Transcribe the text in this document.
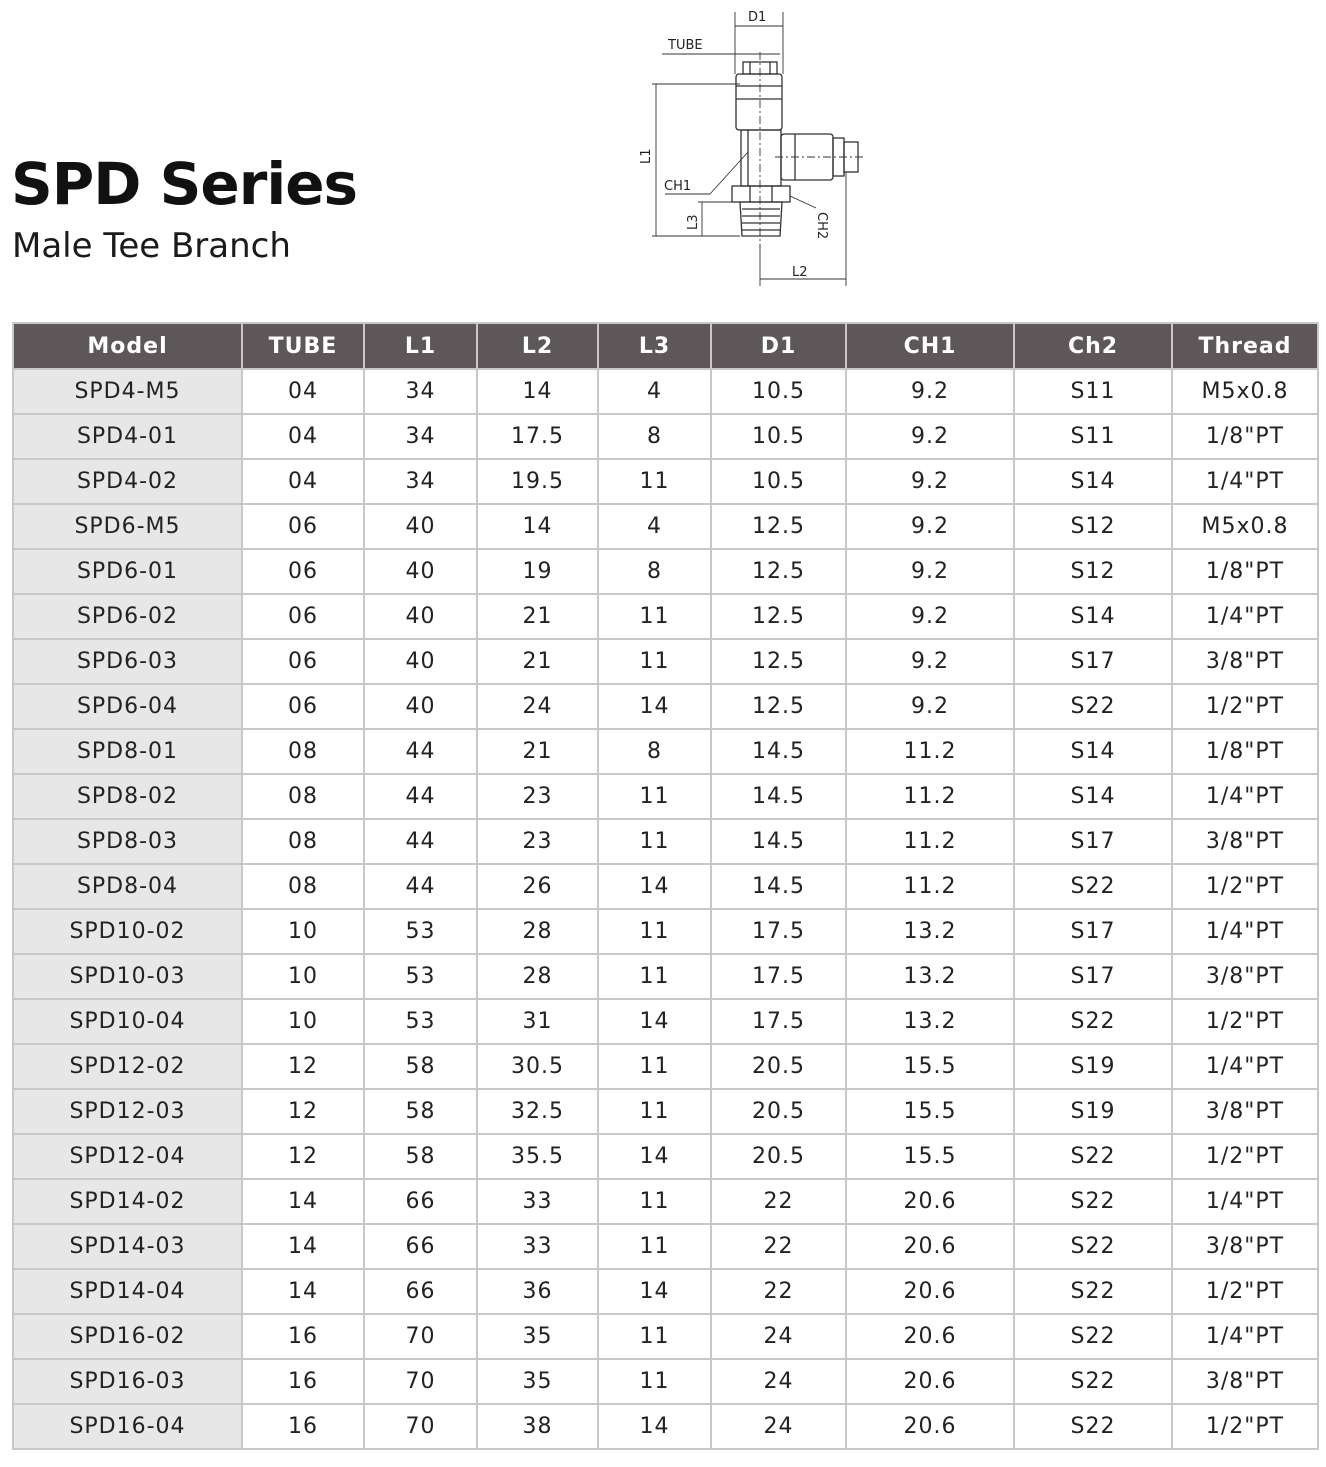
SPD Series
Male Tee Branch
D1
TUBE
L1
CH1
L3	CH2
L2
Model	TUBE	L1	L2	L3	D1	CH1	Ch2	Thread
SPD4-M5	04	34	14	4	10.5	9.2	S11	M5x0.8
SPD4-01	04	34	17.5	8	10.5	9.2	S11	1/8"PT
SPD4-02	04	34	19.5	11	10.5	9.2	S14	1/4"PT
SPD6-M5	06	40	14	4	12.5	9.2	S12	M5x0.8
SPD6-01	06	40	19	8	12.5	9.2	S12	1/8"PT
SPD6-02	06	40	21	11	12.5	9.2	S14	1/4"PT
SPD6-03	06	40	21	11	12.5	9.2	S17	3/8"PT
SPD6-04	06	40	24	14	12.5	9.2	S22	1/2"PT
SPD8-01	08	44	21	8	14.5	11.2	S14	1/8"PT
SPD8-02	08	44	23	11	14.5	11.2	S14	1/4"PT
SPD8-03	08	44	23	11	14.5	11.2	S17	3/8"PT
SPD8-04	08	44	26	14	14.5	11.2	S22	1/2"PT
SPD10-02	10	53	28	11	17.5	13.2	S17	1/4"PT
SPD10-03	10	53	28	11	17.5	13.2	S17	3/8"PT
SPD10-04	10	53	31	14	17.5	13.2	S22	1/2"PT
SPD12-02	12	58	30.5	11	20.5	15.5	S19	1/4"PT
SPD12-03	12	58	32.5	11	20.5	15.5	S19	3/8"PT
SPD12-04	12	58	35.5	14	20.5	15.5	S22	1/2"PT
SPD14-02	14	66	33	11	22	20.6	S22	1/4"PT
SPD14-03	14	66	33	11	22	20.6	S22	3/8"PT
SPD14-04	14	66	36	14	22	20.6	S22	1/2"PT
SPD16-02	16	70	35	11	24	20.6	S22	1/4"PT
SPD16-03	16	70	35	11	24	20.6	S22	3/8"PT
SPD16-04	16	70	38	14	24	20.6	S22	1/2"PT
